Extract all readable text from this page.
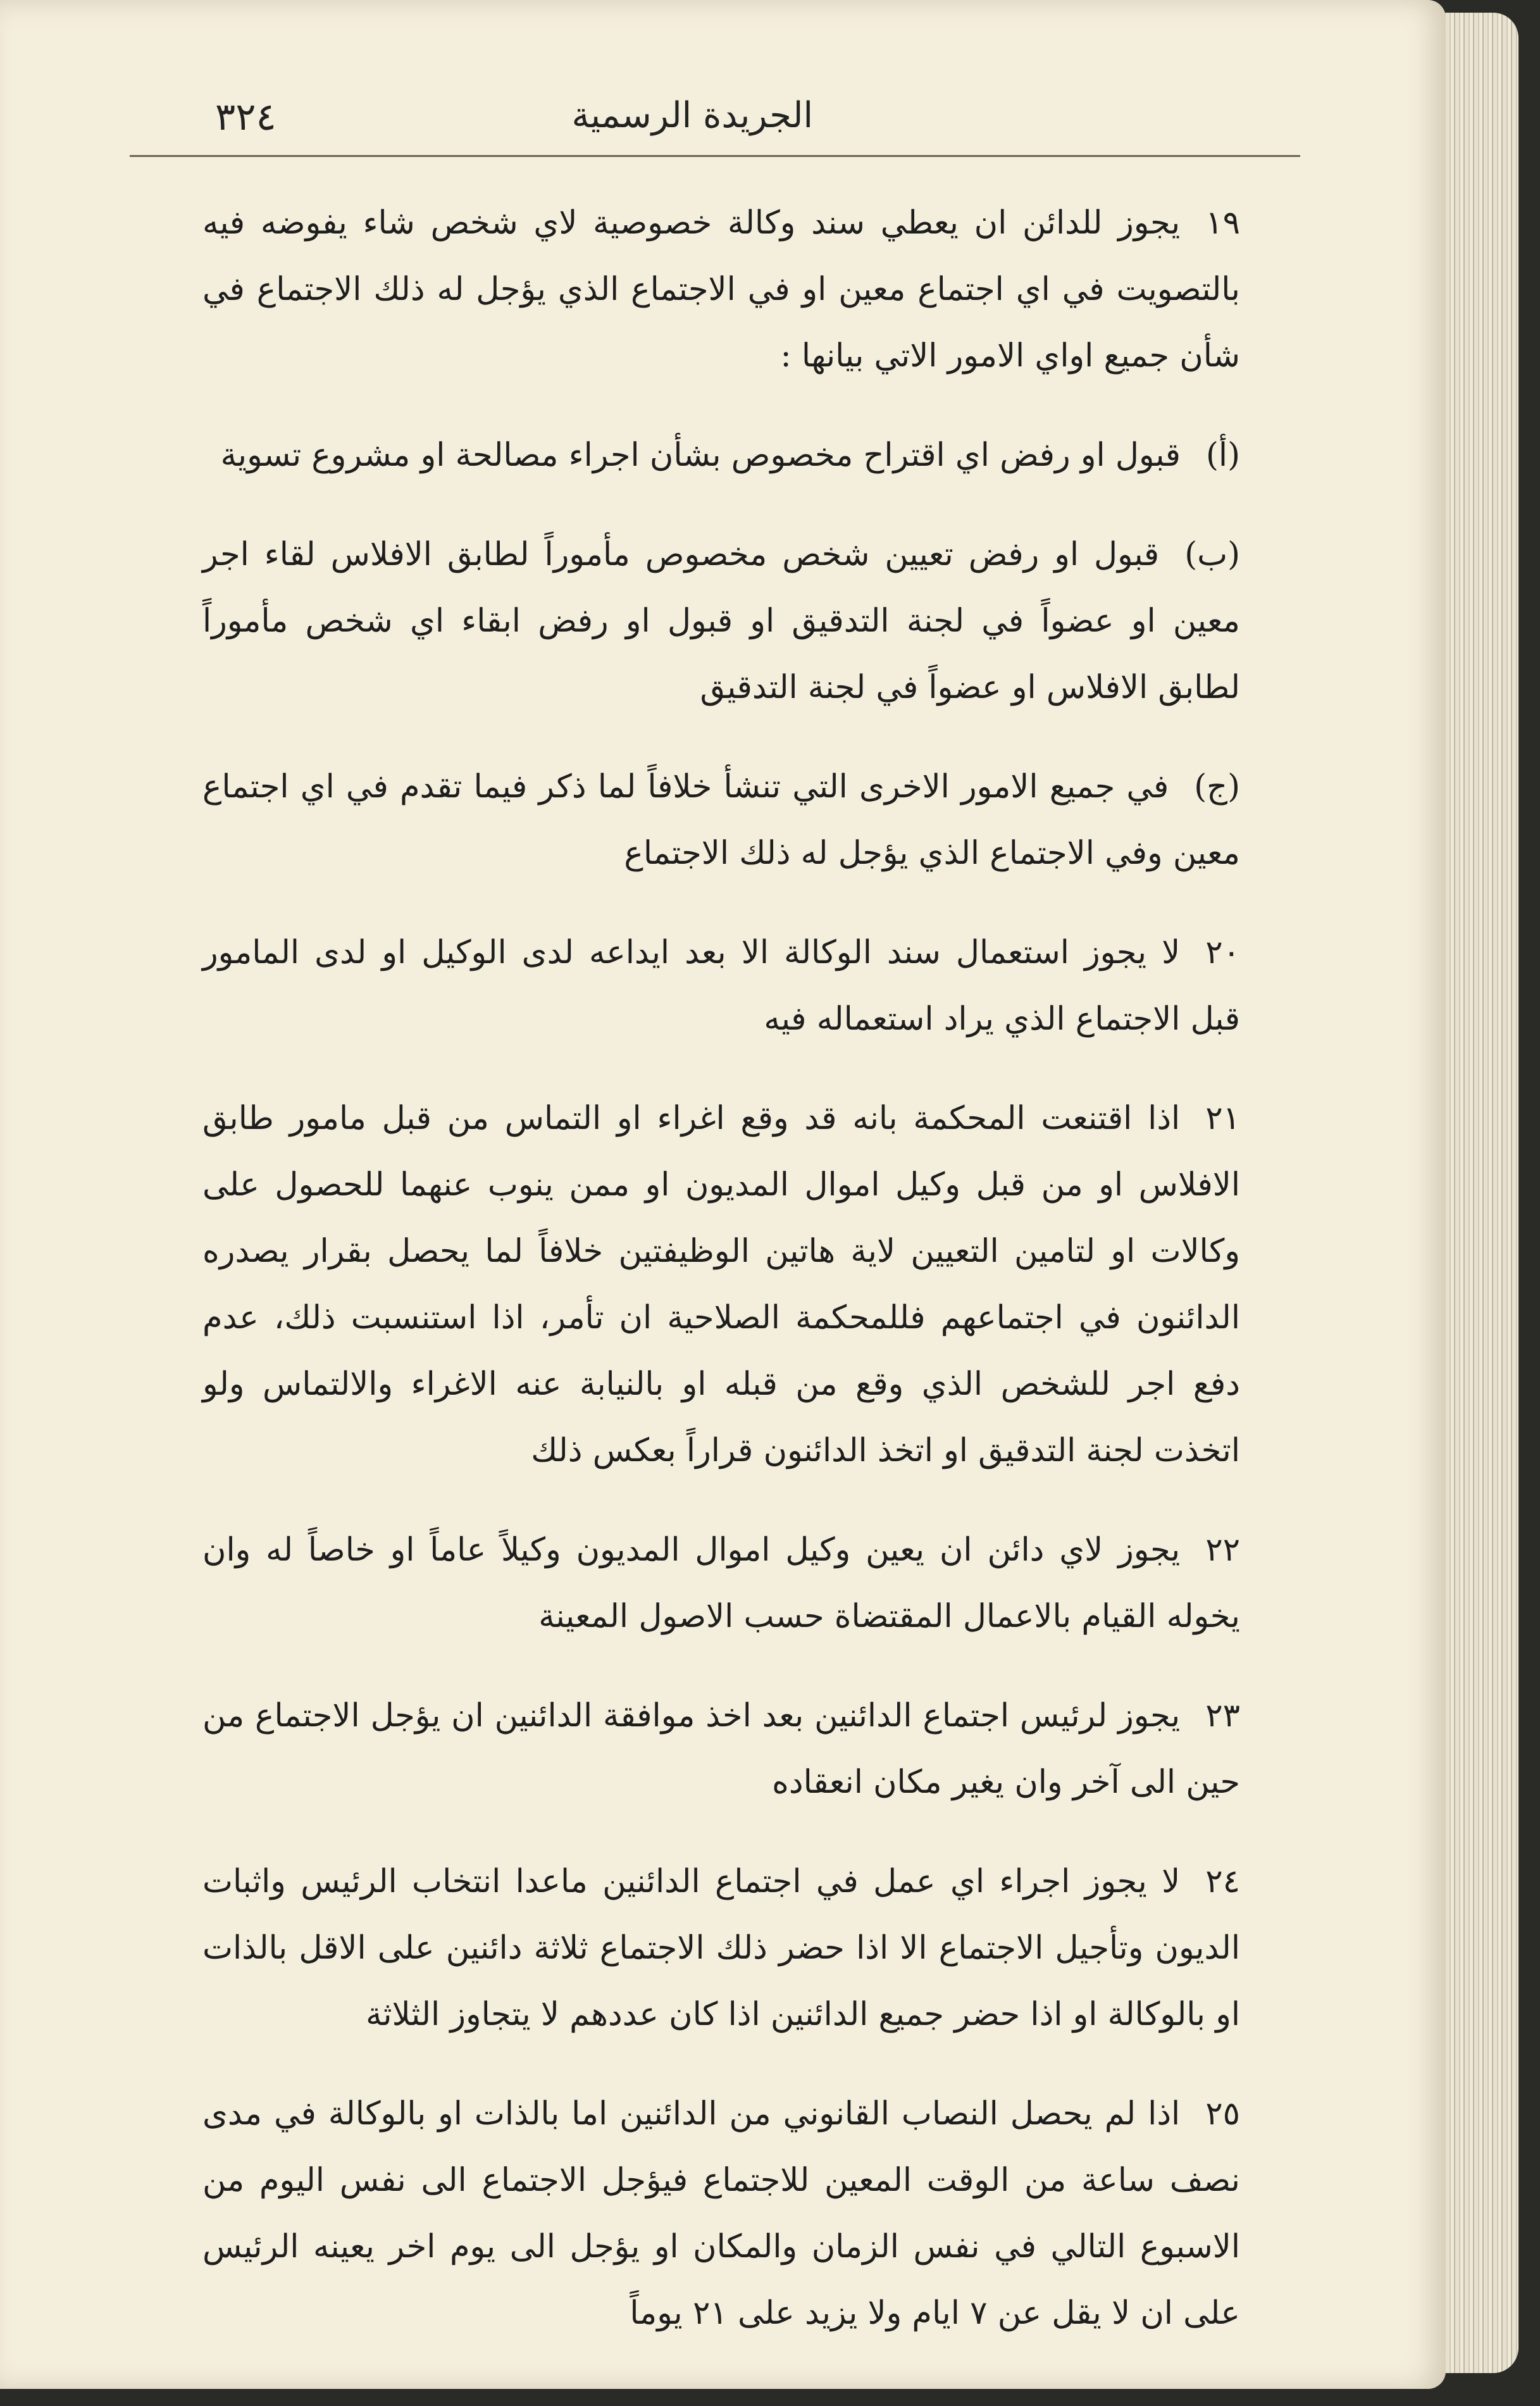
٣٢٤	الجريدة الرسمية

١٩يجوز للدائن ان يعطي سند وكالة خصوصية لاي شخص شاء يفوضه فيه بالتصويت في اي اجتماع معين او في الاجتماع الذي يؤجل له ذلك الاجتماع في شأن جميع اواي الامور الاتي بيانها :

(أ)قبول او رفض اي اقتراح مخصوص بشأن اجراء مصالحة او مشروع تسوية

(ب)قبول او رفض تعيين شخص مخصوص مأموراً لطابق الافلاس لقاء اجر معين او عضواً في لجنة التدقيق او قبول او رفض ابقاء اي شخص مأموراً لطابق الافلاس او عضواً في لجنة التدقيق

(ج)في جميع الامور الاخرى التي تنشأ خلافاً لما ذكر فيما تقدم في اي اجتماع معين وفي الاجتماع الذي يؤجل له ذلك الاجتماع

٢٠لا يجوز استعمال سند الوكالة الا بعد ايداعه لدى الوكيل او لدى المامور قبل الاجتماع الذي يراد استعماله فيه

٢١اذا اقتنعت المحكمة بانه قد وقع اغراء او التماس من قبل مامور طابق الافلاس او من قبل وكيل اموال المديون او ممن ينوب عنهما للحصول على وكالات او لتامين التعيين لاية هاتين الوظيفتين خلافاً لما يحصل بقرار يصدره الدائنون في اجتماعهم فللمحكمة الصلاحية ان تأمر، اذا استنسبت ذلك، عدم دفع اجر للشخص الذي وقع من قبله او بالنيابة عنه الاغراء والالتماس ولو اتخذت لجنة التدقيق او اتخذ الدائنون قراراً بعكس ذلك

٢٢يجوز لاي دائن ان يعين وكيل اموال المديون وكيلاً عاماً او خاصاً له وان يخوله القيام بالاعمال المقتضاة حسب الاصول المعينة

٢٣يجوز لرئيس اجتماع الدائنين بعد اخذ موافقة الدائنين ان يؤجل الاجتماع من حين الى آخر وان يغير مكان انعقاده

٢٤لا يجوز اجراء اي عمل في اجتماع الدائنين ماعدا انتخاب الرئيس واثبات الديون وتأجيل الاجتماع الا اذا حضر ذلك الاجتماع ثلاثة دائنين على الاقل بالذات او بالوكالة او اذا حضر جميع الدائنين اذا كان عددهم لا يتجاوز الثلاثة

٢٥اذا لم يحصل النصاب القانوني من الدائنين اما بالذات او بالوكالة في مدى نصف ساعة من الوقت المعين للاجتماع فيؤجل الاجتماع الى نفس اليوم من الاسبوع التالي في نفس الزمان والمكان او يؤجل الى يوم اخر يعينه الرئيس على ان لا يقل عن ٧ ايام ولا يزيد على ٢١ يوماً
